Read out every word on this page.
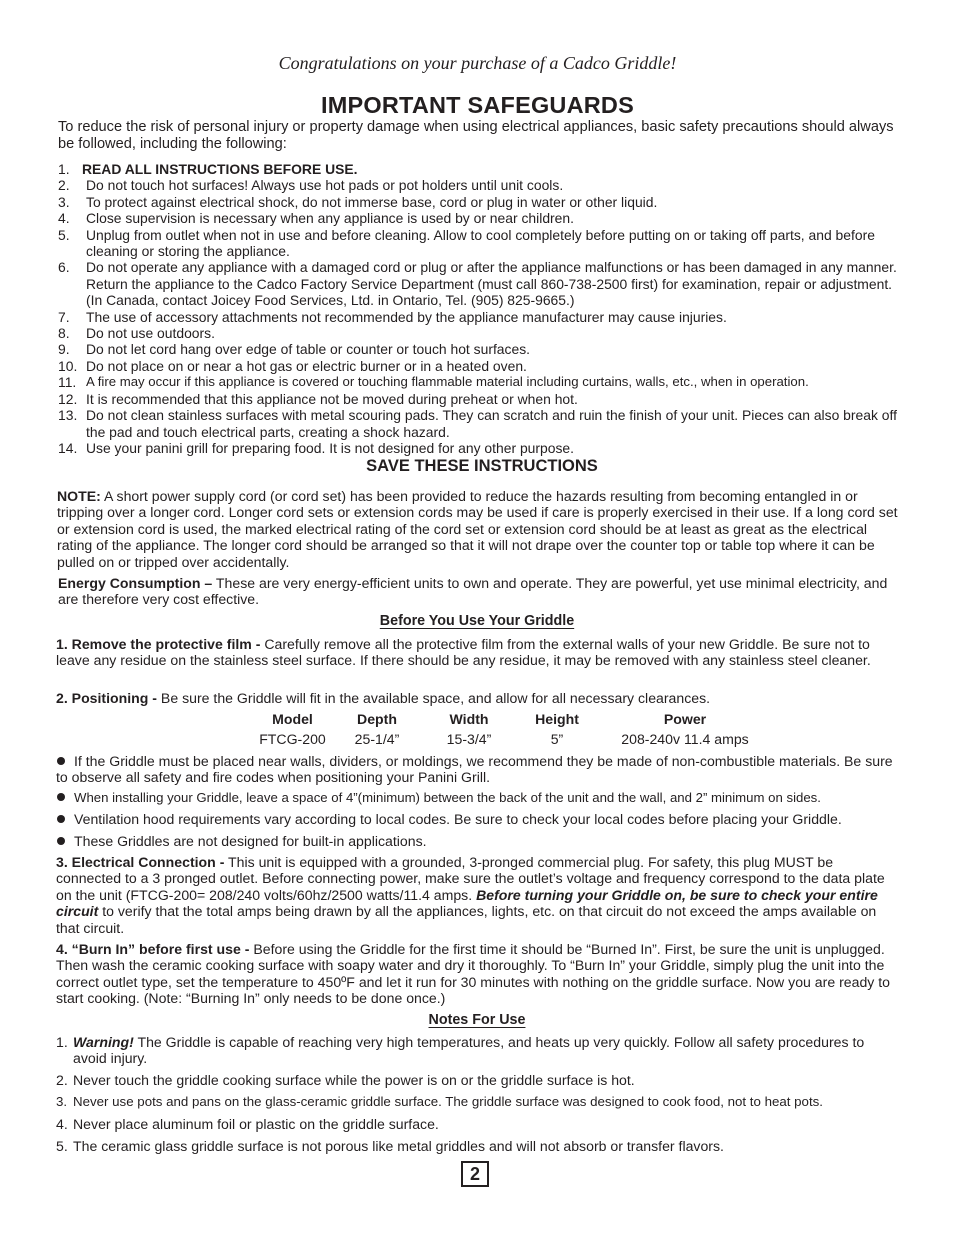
Congratulations on your purchase of a Cadco Griddle!
IMPORTANT SAFEGUARDS
To reduce the risk of personal injury or property damage when using electrical appliances, basic safety precautions should always be followed, including the following:
1. READ ALL INSTRUCTIONS BEFORE USE.
2.	Do not touch hot surfaces! Always use hot pads or pot holders until unit cools.
3.	To protect against electrical shock, do not immerse base, cord or plug in water or other liquid.
4.	Close supervision is necessary when any appliance is used by or near children.
5.	Unplug from outlet when not in use and before cleaning. Allow to cool completely before putting on or taking off parts, and before cleaning or storing the appliance.
6.	Do not operate any appliance with a damaged cord or plug or after the appliance malfunctions or has been damaged in any manner. Return the appliance to the Cadco Factory Service Department (must call 860-738-2500 first) for examination, repair or adjustment. (In Canada, contact Joicey Food Services, Ltd. in Ontario, Tel. (905) 825-9665.)
7.	The use of accessory attachments not recommended by the appliance manufacturer may cause injuries.
8.	Do not use outdoors.
9.	Do not let cord hang over edge of table or counter or touch hot surfaces.
10. Do not place on or near a hot gas or electric burner or in a heated oven.
11. A fire may occur if this appliance is covered or touching flammable material including curtains, walls, etc., when in operation.
12. It is recommended that this appliance not be moved during preheat or when hot.
13. Do not clean stainless surfaces with metal scouring pads. They can scratch and ruin the finish of your unit. Pieces can also break off the pad and touch electrical parts, creating a shock hazard.
14. Use your panini grill for preparing food. It is not designed for any other purpose.
SAVE THESE INSTRUCTIONS
NOTE: A short power supply cord (or cord set) has been provided to reduce the hazards resulting from becoming entangled in or tripping over a longer cord. Longer cord sets or extension cords may be used if care is properly exercised in their use. If a long cord set or extension cord is used, the marked electrical rating of the cord set or extension cord should be at least as great as the electrical rating of the appliance. The longer cord should be arranged so that it will not drape over the counter top or table top where it can be pulled on or tripped over accidentally.
Energy Consumption – These are very energy-efficient units to own and operate. They are powerful, yet use minimal electricity, and are therefore very cost effective.
Before You Use Your Griddle
1. Remove the protective film - Carefully remove all the protective film from the external walls of your new Griddle. Be sure not to leave any residue on the stainless steel surface. If there should be any residue, it may be removed with any stainless steel cleaner.
2. Positioning - Be sure the Griddle will fit in the available space, and allow for all necessary clearances.
Model	Depth	Width	Height	Power
FTCG-200	25-1/4”	15-3/4”	5”	208-240v 11.4 amps
If the Griddle must be placed near walls, dividers, or moldings, we recommend they be made of non-combustible materials. Be sure to observe all safety and fire codes when positioning your Panini Grill.
When installing your Griddle, leave a space of 4”(minimum) between the back of the unit and the wall, and 2” minimum on sides.
Ventilation hood requirements vary according to local codes. Be sure to check your local codes before placing your Griddle.
These Griddles are not designed for built-in applications.
3. Electrical Connection - This unit is equipped with a grounded, 3-pronged commercial plug. For safety, this plug MUST be connected to a 3 pronged outlet. Before connecting power, make sure the outlet’s voltage and frequency correspond to the data plate on the unit (FTCG-200= 208/240 volts/60hz/2500 watts/11.4 amps. Before turning your Griddle on, be sure to check your entire circuit to verify that the total amps being drawn by all the appliances, lights, etc. on that circuit do not exceed the amps available on that circuit.
4. “Burn In” before first use - Before using the Griddle for the first time it should be “Burned In”. First, be sure the unit is unplugged. Then wash the ceramic cooking surface with soapy water and dry it thoroughly. To “Burn In” your Griddle, simply plug the unit into the correct outlet type, set the temperature to 450ºF and let it run for 30 minutes with nothing on the griddle surface. Now you are ready to start cooking. (Note: “Burning In” only needs to be done once.)
Notes For Use
1. Warning! The Griddle is capable of reaching very high temperatures, and heats up very quickly. Follow all safety procedures to avoid injury.
2. Never touch the griddle cooking surface while the power is on or the griddle surface is hot.
3. Never use pots and pans on the glass-ceramic griddle surface. The griddle surface was designed to cook food, not to heat pots.
4. Never place aluminum foil or plastic on the griddle surface.
5. The ceramic glass griddle surface is not porous like metal griddles and will not absorb or transfer flavors.
2
